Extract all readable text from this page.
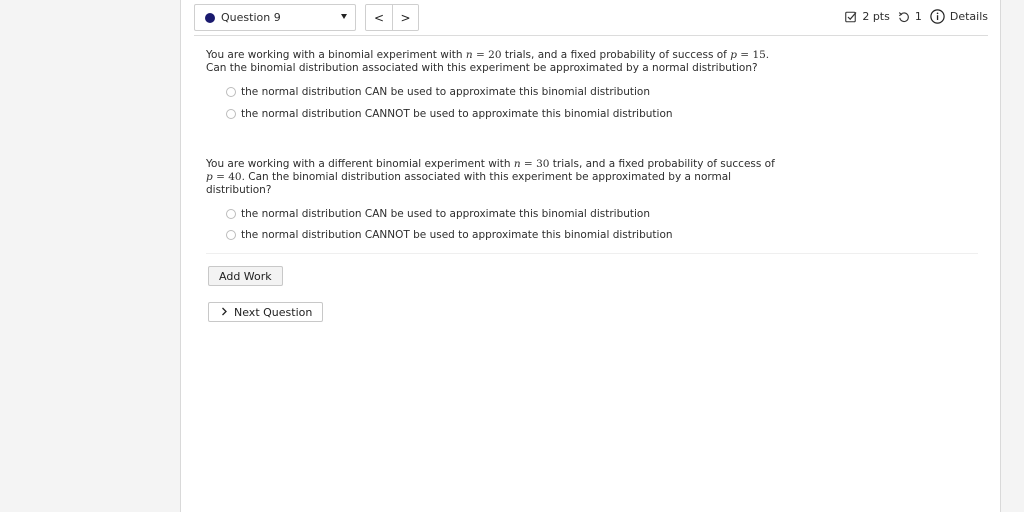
Question 9	< >	2 pts 1	Details
You are working with a binomial experiment with n = 20 trials, and a fixed probability of success of p = 15.
Can the binomial distribution associated with this experiment be approximated by a normal distribution?
the normal distribution CAN be used to approximate this binomial distribution
the normal distribution CANNOT be used to approximate this binomial distribution
You are working with a different binomial experiment with n = 30 trials, and a fixed probability of success of
p = 40. Can the binomial distribution associated with this experiment be approximated by a normal
distribution?
the normal distribution CAN be used to approximate this binomial distribution
the normal distribution CANNOT be used to approximate this binomial distribution
Add Work
Next Question
